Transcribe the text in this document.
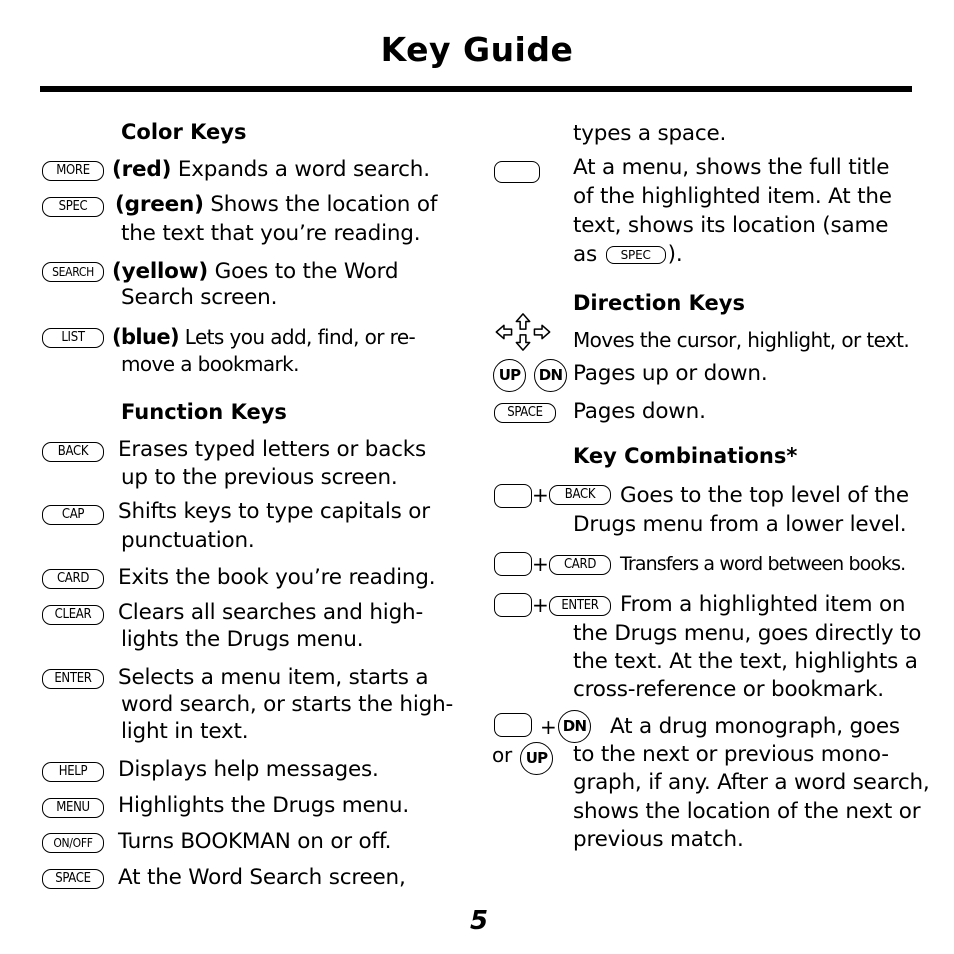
Key Guide
Color Keys
MORE	(red) Expands a word search.
SPEC	(green) Shows the location of
the text that you’re reading.
SEARCH (yellow) Goes to the Word
Search screen.
LIST	(blue) Lets you add, find, or re-
move a bookmark.
Function Keys
BACK	Erases typed letters or backs
up to the previous screen.
CAP	Shifts keys to type capitals or
punctuation.
CARD	Exits the book you’re reading.
CLEAR	Clears all searches and high-
lights the Drugs menu.
ENTER	Selects a menu item, starts a
word search, or starts the high-
light in text.
HELP	Displays help messages.
MENU	Highlights the Drugs menu.
ON/OFF	Turns BOOKMAN on or off.
SPACE	At the Word Search screen,
types a space.
At a menu, shows the full title
of the highlighted item. At the
text, shows its location (same
as SPEC ).
Direction Keys
Moves the cursor, highlight, or text.
UP	DN Pages up or down.
SPACE	Pages down.
Key Combinations*
+	BACK	Goes to the top level of the
Drugs menu from a lower level.
+	CARD	Transfers a word between books.
+ ENTER From a highlighted item on
the Drugs menu, goes directly to
the text. At the text, highlights a
cross-reference or bookmark.
+ DN
or UP
At a drug monograph, goes
to the next or previous mono-
graph, if any. After a word search,
shows the location of the next or
previous match.
5
